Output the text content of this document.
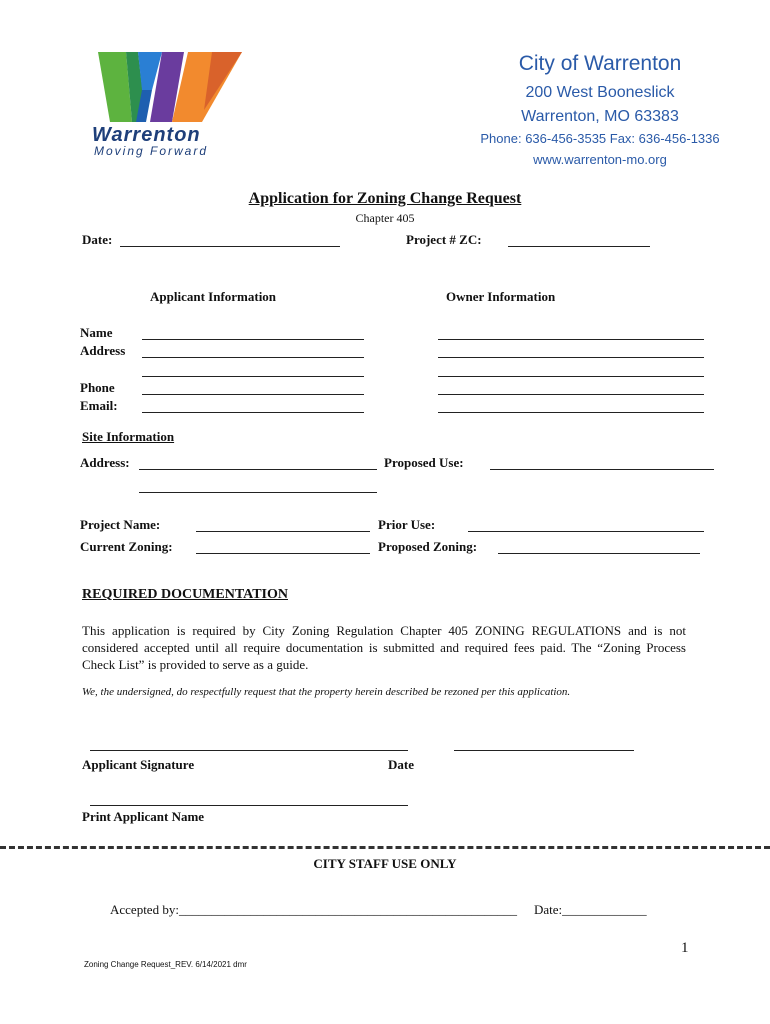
Warrenton
Moving Forward
City of Warrenton
200 West Booneslick
Warrenton, MO 63383
Phone: 636-456-3535 Fax: 636-456-1336
www.warrenton-mo.org
Application for Zoning Change Request
Chapter 405
Date:	Project # ZC:
Applicant Information	Owner Information
Name
Address
Phone
Email:
Site Information
Address:	Proposed Use:
Project Name:	Prior Use:
Current Zoning:	Proposed Zoning:
REQUIRED DOCUMENTATION
This application is required by City Zoning Regulation Chapter 405 ZONING REGULATIONS and is not considered accepted until all require documentation is submitted and required fees paid. The “Zoning Process Check List” is provided to serve as a guide.
We, the undersigned, do respectfully request that the property herein described be rezoned per this application.
Applicant Signature	Date
Print Applicant Name
CITY STAFF USE ONLY
Accepted by:____________________________________________________ Date:_____________
1
Zoning Change Request_REV. 6/14/2021 dmr
